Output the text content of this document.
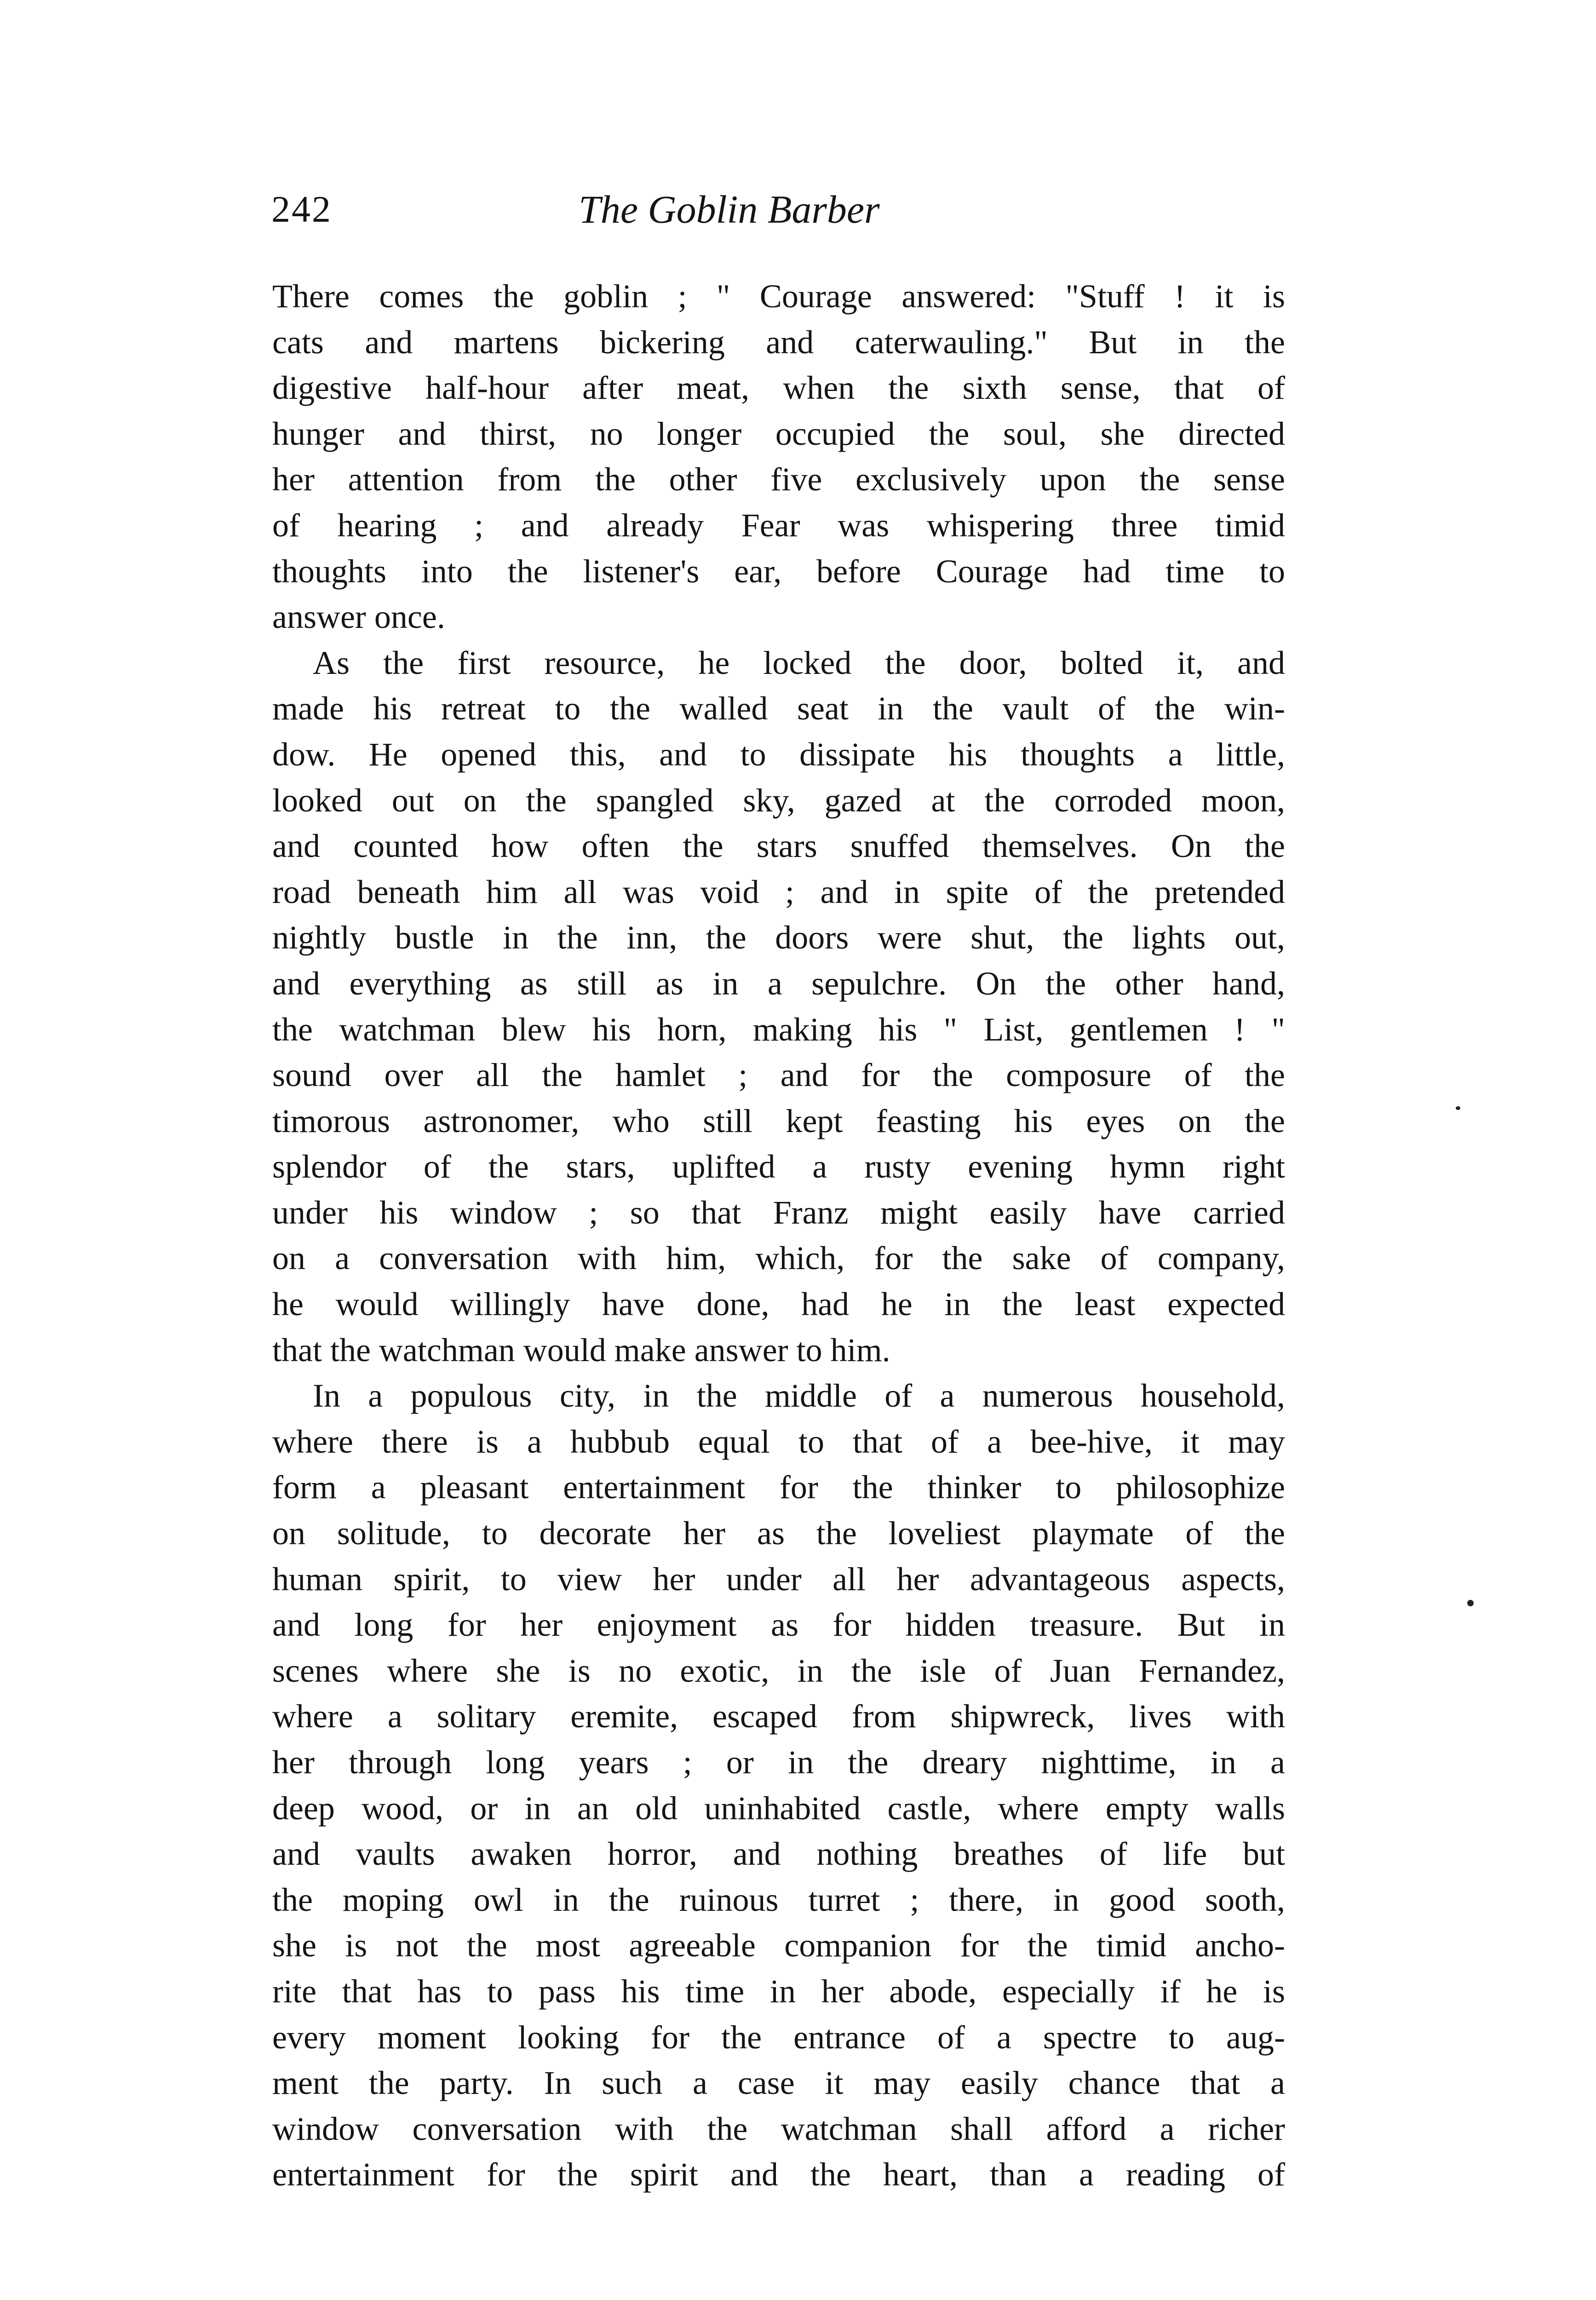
242	The Goblin Barber
There comes the goblin ; " Courage answered: "Stuff ! it is
cats and martens bickering and caterwauling." But in the
digestive half-hour after meat, when the sixth sense, that of
hunger and thirst, no longer occupied the soul, she directed
her attention from the other five exclusively upon the sense
of hearing ; and already Fear was whispering three timid
thoughts into the listener's ear, before Courage had time to
answer once.
As the first resource, he locked the door, bolted it, and
made his retreat to the walled seat in the vault of the win-
dow. He opened this, and to dissipate his thoughts a little,
looked out on the spangled sky, gazed at the corroded moon,
and counted how often the stars snuffed themselves. On the
road beneath him all was void ; and in spite of the pretended
nightly bustle in the inn, the doors were shut, the lights out,
and everything as still as in a sepulchre. On the other hand,
the watchman blew his horn, making his " List, gentlemen ! "
sound over all the hamlet ; and for the composure of the
timorous astronomer, who still kept feasting his eyes on the
splendor of the stars, uplifted a rusty evening hymn right
under his window ; so that Franz might easily have carried
on a conversation with him, which, for the sake of company,
he would willingly have done, had he in the least expected
that the watchman would make answer to him.
In a populous city, in the middle of a numerous household,
where there is a hubbub equal to that of a bee-hive, it may
form a pleasant entertainment for the thinker to philosophize
on solitude, to decorate her as the loveliest playmate of the
human spirit, to view her under all her advantageous aspects,
and long for her enjoyment as for hidden treasure. But in
scenes where she is no exotic, in the isle of Juan Fernandez,
where a solitary eremite, escaped from shipwreck, lives with
her through long years ; or in the dreary nighttime, in a
deep wood, or in an old uninhabited castle, where empty walls
and vaults awaken horror, and nothing breathes of life but
the moping owl in the ruinous turret ; there, in good sooth,
she is not the most agreeable companion for the timid ancho-
rite that has to pass his time in her abode, especially if he is
every moment looking for the entrance of a spectre to aug-
ment the party. In such a case it may easily chance that a
window conversation with the watchman shall afford a richer
entertainment for the spirit and the heart, than a reading of
